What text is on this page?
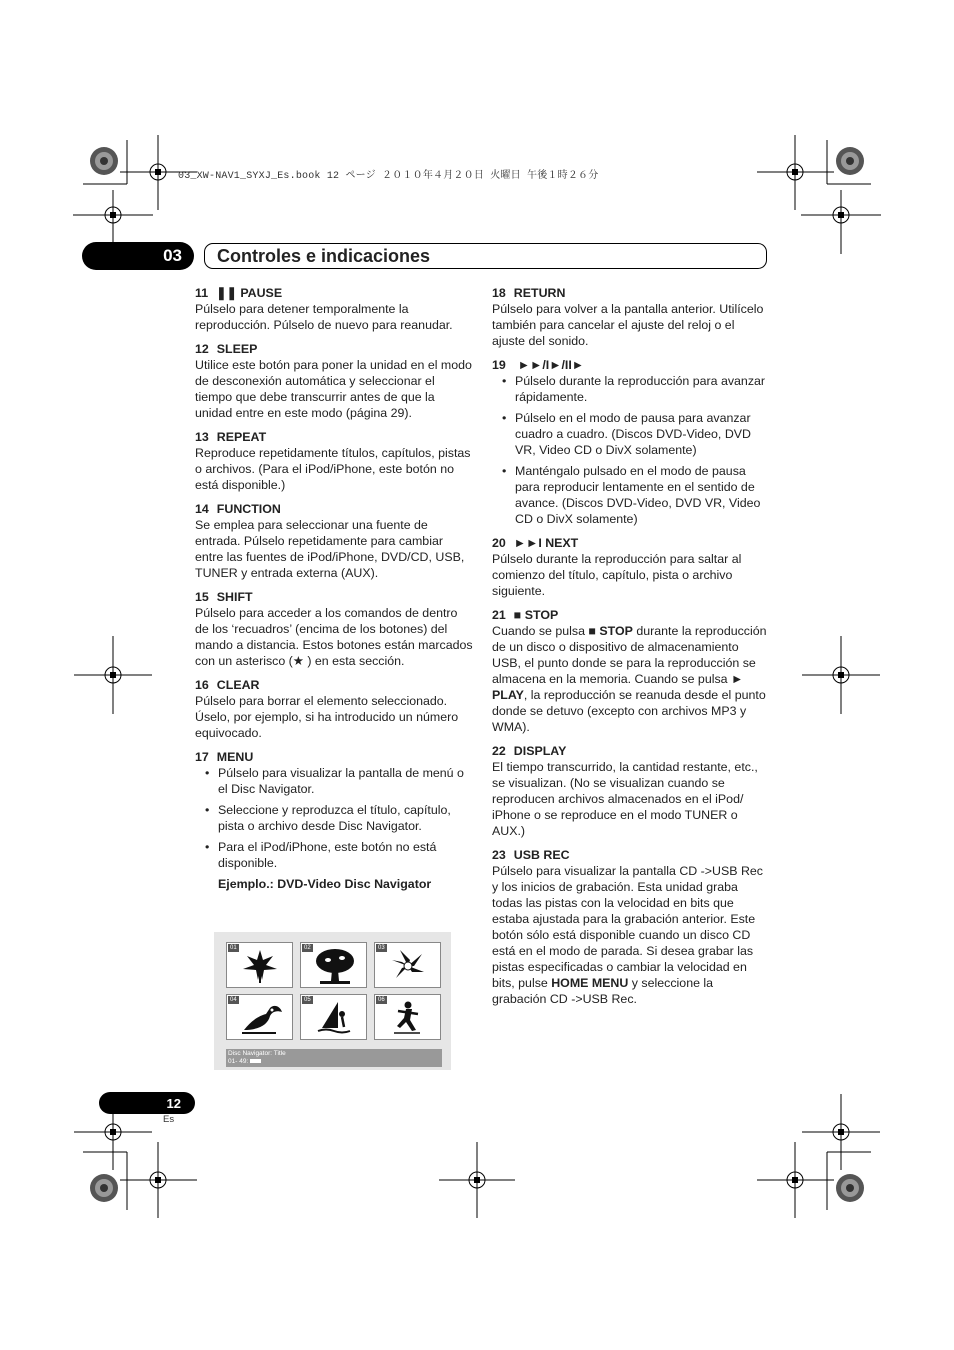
03_XW-NAV1_SYXJ_Es.book 12 ページ ２０１０年４月２０日 火曜日 午後１時２６分
03	Controles e indicaciones
11 ❚❚ PAUSE

Púlselo para detener temporalmente la reproducción. Púlselo de nuevo para reanudar.

12 SLEEP

Utilice este botón para poner la unidad en el modo de desconexión automática y seleccionar el tiempo que debe transcurrir antes de que la unidad entre en este modo (página 29).

13 REPEAT

Reproduce repetidamente títulos, capítulos, pistas o archivos. (Para el iPod/iPhone, este botón no está disponible.)

14 FUNCTION

Se emplea para seleccionar una fuente de entrada. Púlselo repetidamente para cambiar entre las fuentes de iPod/iPhone, DVD/CD, USB, TUNER y entrada externa (AUX).

15 SHIFT

Púlselo para acceder a los comandos de dentro de los ‘recuadros’ (encima de los botones) del mando a distancia. Estos botones están marcados con un asterisco (★ ) en esta sección.

16 CLEAR

Púlselo para borrar el elemento seleccionado. Úselo, por ejemplo, si ha introducido un número equivocado.

17 MENU
• Púlselo para visualizar la pantalla de menú o el Disc Navigator.
• Seleccione y reproduzca el título, capítulo, pista o archivo desde Disc Navigator.
• Para el iPod/iPhone, este botón no está disponible.
Ejemplo.: DVD-Video Disc Navigator
01	02	03
04	05	06
Disc Navigator: Title
01- 49:
18 RETURN

Púlselo para volver a la pantalla anterior. Utilícelo también para cancelar el ajuste del reloj o el ajuste del sonido.

19 ►►/I►/II►
• Púlselo durante la reproducción para avanzar rápidamente.
• Púlselo en el modo de pausa para avanzar cuadro a cuadro. (Discos DVD-Video, DVD VR, Video CD o DivX solamente)
• Manténgalo pulsado en el modo de pausa para reproducir lentamente en el sentido de avance. (Discos DVD-Video, DVD VR, Video CD o DivX solamente)
20 ►►I NEXT

Púlselo durante la reproducción para saltar al comienzo del título, capítulo, pista o archivo siguiente.

21 ■ STOP

Cuando se pulsa ■ STOP durante la reproducción de un disco o dispositivo de almacenamiento USB, el punto donde se para la reproducción se almacena en la memoria. Cuando se pulsa ► PLAY, la reproducción se reanuda desde el punto donde se detuvo (excepto con archivos MP3 y WMA).

22 DISPLAY

El tiempo transcurrido, la cantidad restante, etc., se visualizan. (No se visualizan cuando se reproducen archivos almacenados en el iPod/ iPhone o se reproduce en el modo TUNER o AUX.)

23 USB REC

Púlselo para visualizar la pantalla CD ->USB Rec y los inicios de grabación. Esta unidad graba todas las pistas con la velocidad en bits que estaba ajustada para la grabación anterior. Este botón sólo está disponible cuando un disco CD está en el modo de parada. Si desea grabar las pistas especificadas o cambiar la velocidad en bits, pulse HOME MENU y seleccione la grabación CD ->USB Rec.

12
Es
